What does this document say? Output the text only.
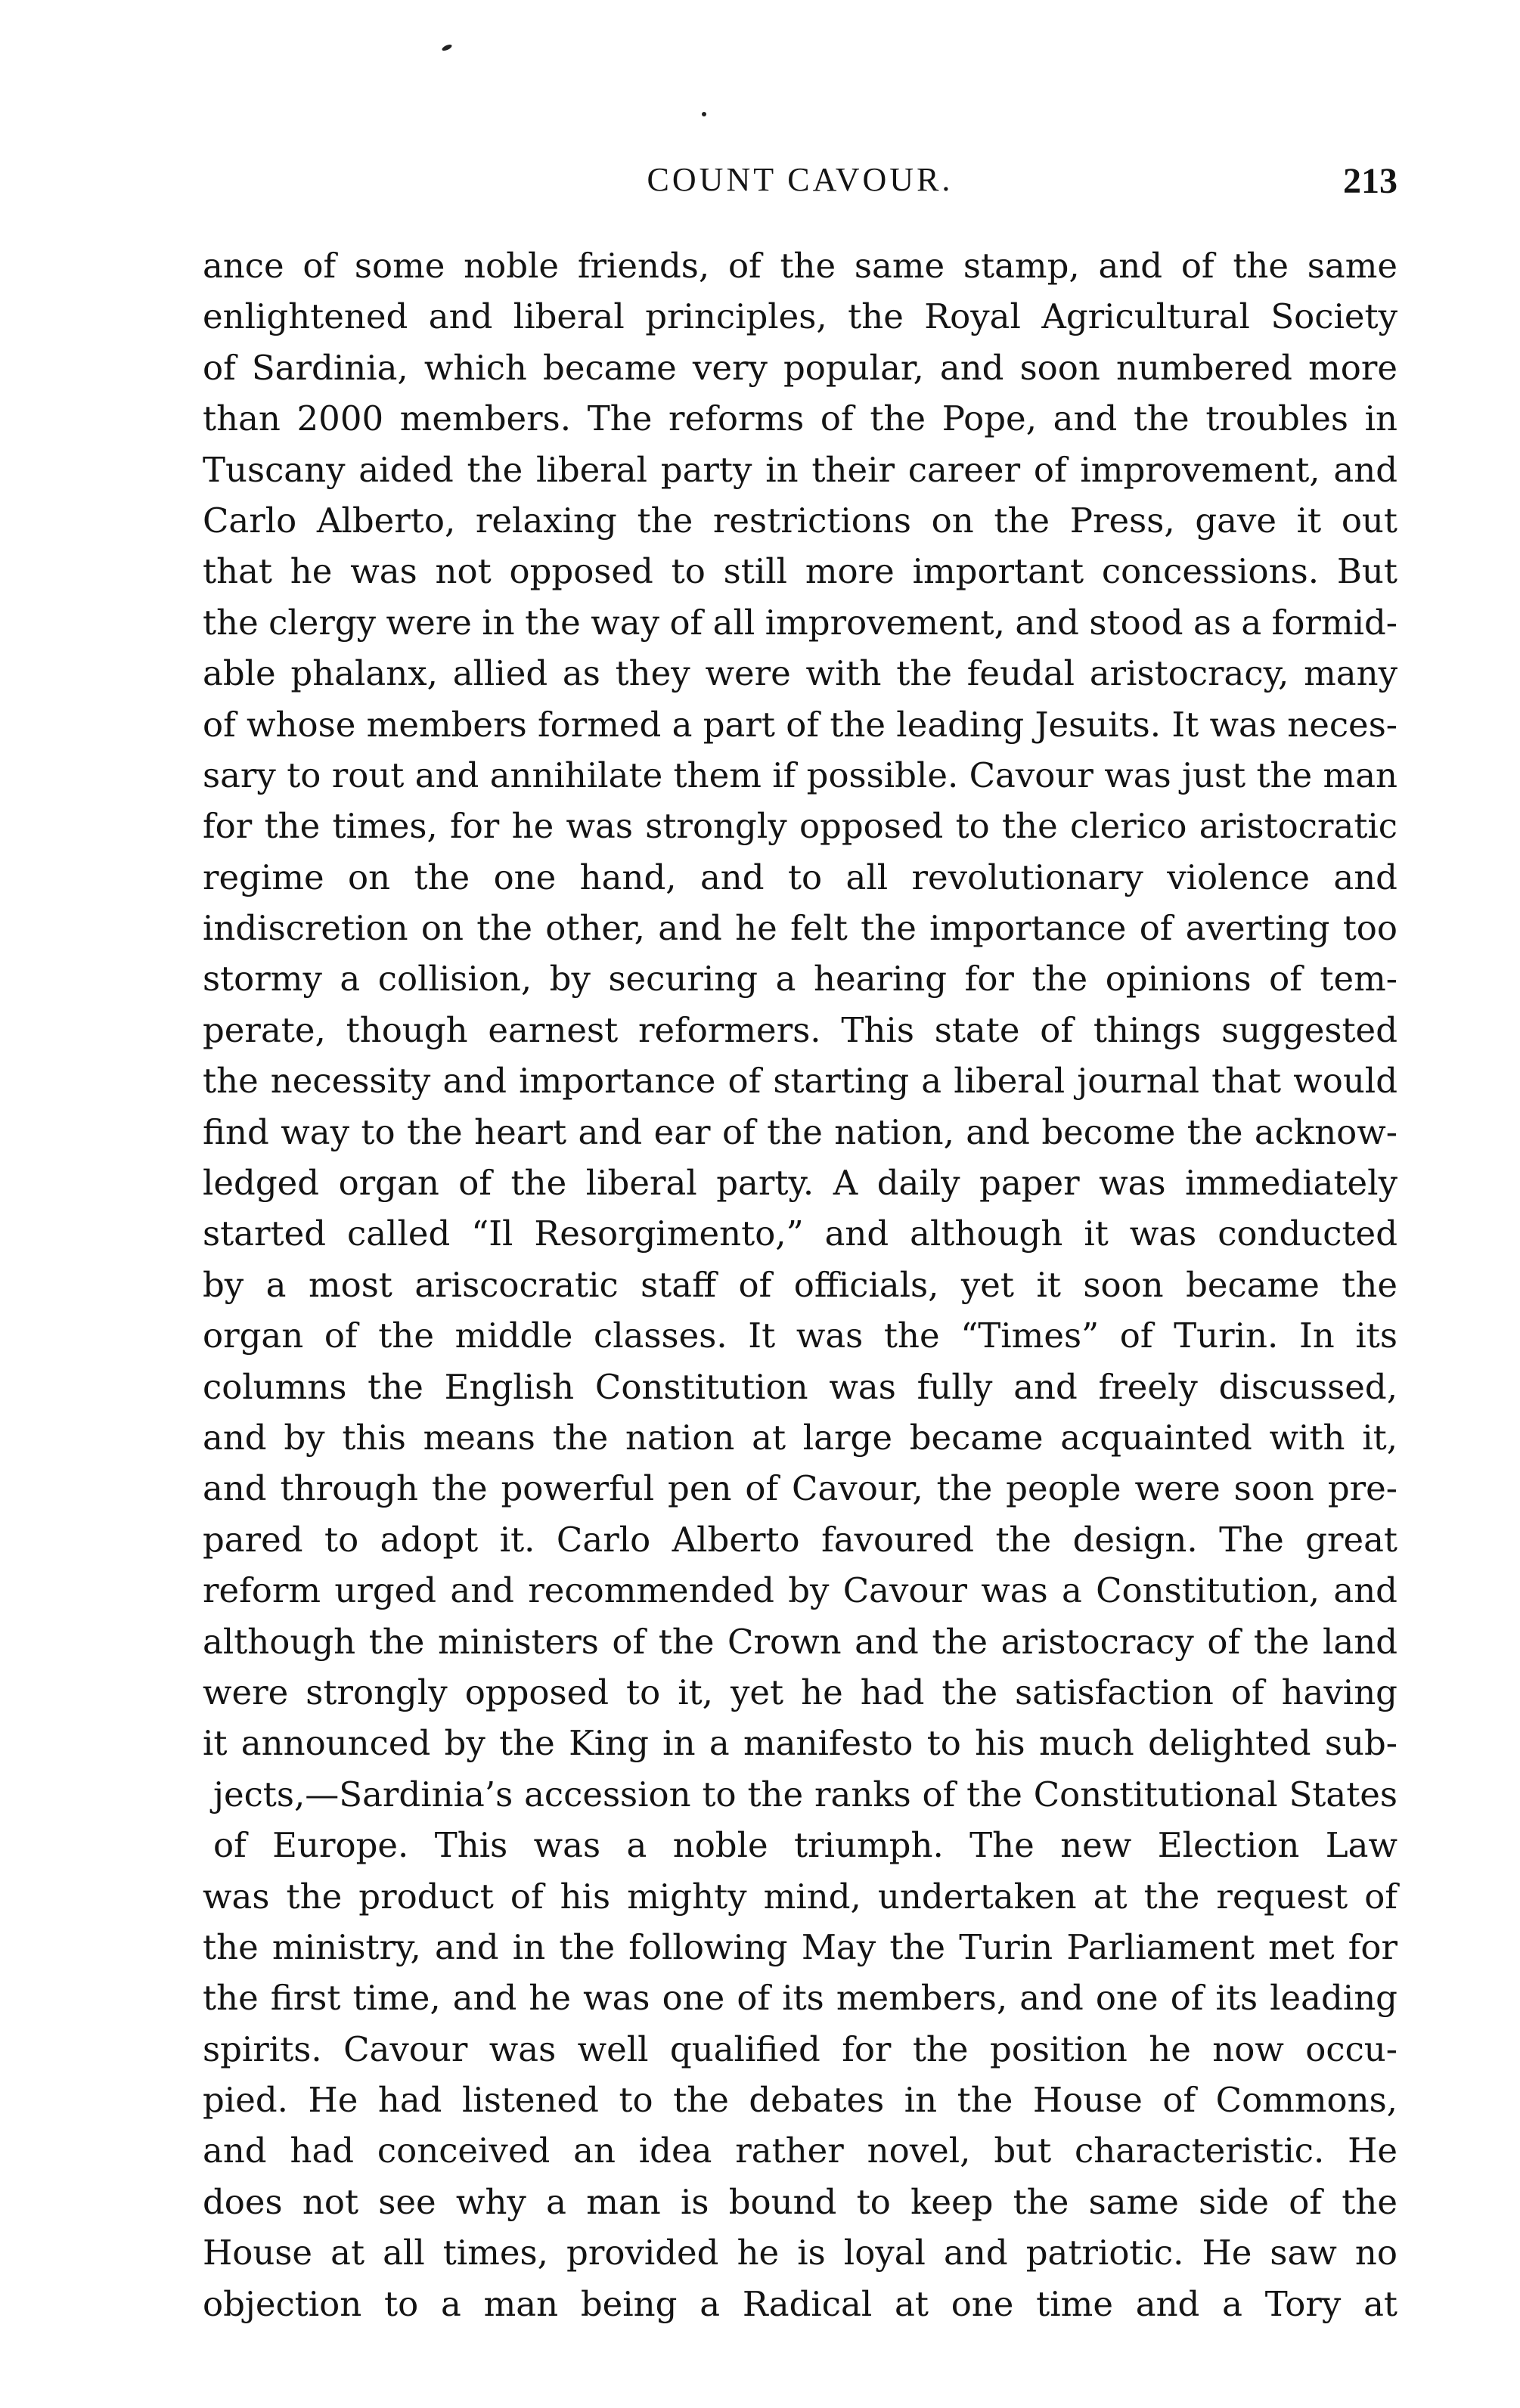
COUNT CAVOUR.	213
ance of some noble friends, of the same stamp, and of the same
enlightened and liberal principles, the Royal Agricultural Society
of Sardinia, which became very popular, and soon numbered more
than 2000 members. The reforms of the Pope, and the troubles in
Tuscany aided the liberal party in their career of improvement, and
Carlo Alberto, relaxing the restrictions on the Press, gave it out
that he was not opposed to still more important concessions. But
the clergy were in the way of all improvement, and stood as a formid-
able phalanx, allied as they were with the feudal aristocracy, many
of whose members formed a part of the leading Jesuits. It was neces-
sary to rout and annihilate them if possible. Cavour was just the man
for the times, for he was strongly opposed to the clerico aristocratic
regime on the one hand, and to all revolutionary violence and
indiscretion on the other, and he felt the importance of averting too
stormy a collision, by securing a hearing for the opinions of tem-
perate, though earnest reformers. This state of things suggested
the necessity and importance of starting a liberal journal that would
find way to the heart and ear of the nation, and become the acknow-
ledged organ of the liberal party. A daily paper was immediately
started called “Il Resorgimento,” and although it was conducted
by a most ariscocratic staff of officials, yet it soon became the
organ of the middle classes. It was the “Times” of Turin. In its
columns the English Constitution was fully and freely discussed,
and by this means the nation at large became acquainted with it,
and through the powerful pen of Cavour, the people were soon pre-
pared to adopt it. Carlo Alberto favoured the design. The great
reform urged and recommended by Cavour was a Constitution, and
although the ministers of the Crown and the aristocracy of the land
were strongly opposed to it, yet he had the satisfaction of having
it announced by the King in a manifesto to his much delighted sub-
jects,—Sardinia’s accession to the ranks of the Constitutional States
of Europe. This was a noble triumph. The new Election Law
was the product of his mighty mind, undertaken at the request of
the ministry, and in the following May the Turin Parliament met for
the first time, and he was one of its members, and one of its leading
spirits. Cavour was well qualified for the position he now occu-
pied. He had listened to the debates in the House of Commons,
and had conceived an idea rather novel, but characteristic. He
does not see why a man is bound to keep the same side of the
House at all times, provided he is loyal and patriotic. He saw no
objection to a man being a Radical at one time and a Tory at
